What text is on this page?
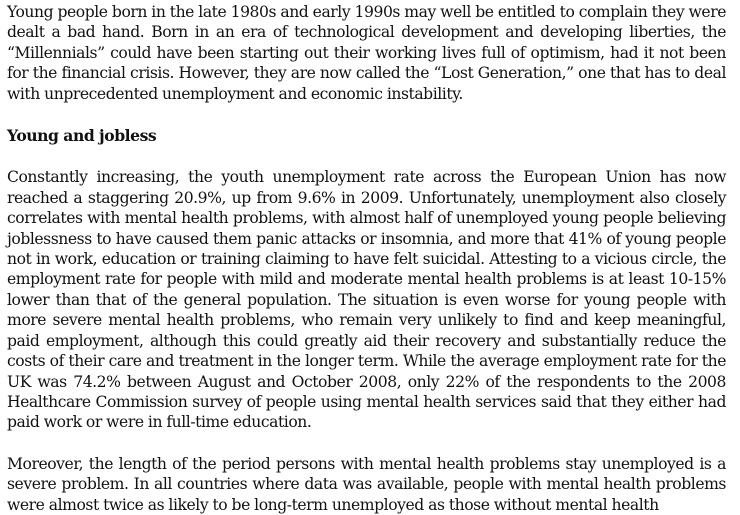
Young people born in the late 1980s and early 1990s may well be entitled to complain they were dealt a bad hand. Born in an era of technological development and developing liberties, the “Millennials” could have been starting out their working lives full of optimism, had it not been for the financial crisis. However, they are now called the “Lost Generation,” one that has to deal with unprecedented unemployment and economic instability.

Young and jobless

Constantly increasing, the youth unemployment rate across the European Union has now reached a staggering 20.9%, up from 9.6% in 2009. Unfortunately, unemployment also closely correlates with mental health problems, with almost half of unemployed young people believing joblessness to have caused them panic attacks or insomnia, and more that 41% of young people not in work, education or training claiming to have felt suicidal. Attesting to a vicious circle, the employment rate for people with mild and moderate mental health problems is at least 10-15% lower than that of the general population. The situation is even worse for young people with more severe mental health problems, who remain very unlikely to find and keep meaningful, paid employment, although this could greatly aid their recovery and substantially reduce the costs of their care and treatment in the longer term. While the average employment rate for the UK was 74.2% between August and October 2008, only 22% of the respondents to the 2008 Healthcare Commission survey of people using mental health services said that they either had paid work or were in full-time education.

Moreover, the length of the period persons with mental health problems stay unemployed is a severe problem. In all countries where data was available, people with mental health problems were almost twice as likely to be long-term unemployed as those without mental health
